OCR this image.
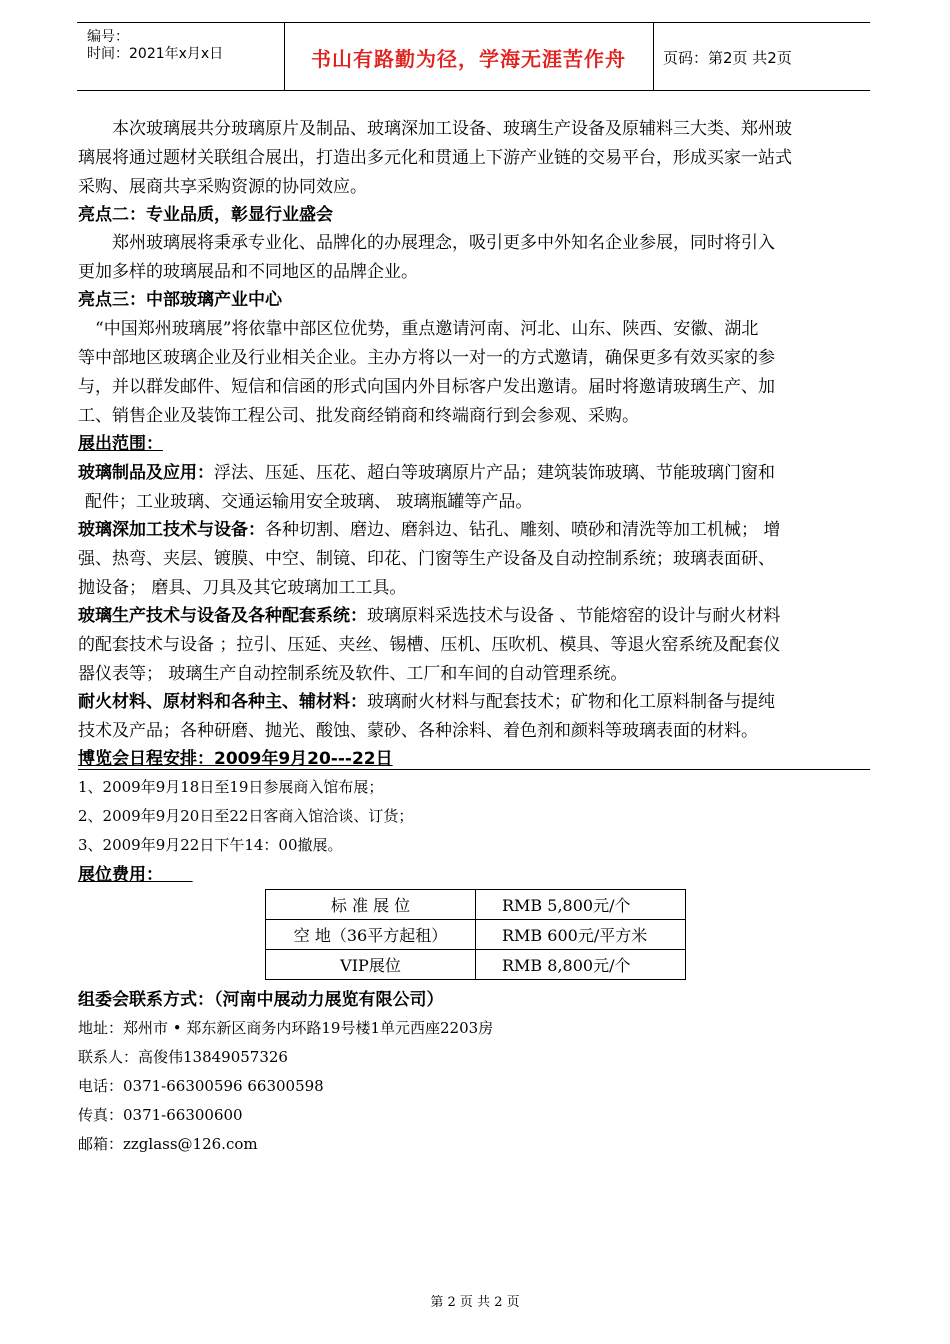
编号：
时间：2021年x月x日	书山有路勤为径，学海无涯苦作舟	页码：第2页 共2页
本次玻璃展共分玻璃原片及制品、玻璃深加工设备、玻璃生产设备及原辅料三大类、郑州玻
璃展将通过题材关联组合展出，打造出多元化和贯通上下游产业链的交易平台，形成买家一站式
采购、展商共享采购资源的协同效应。
亮点二：专业品质，彰显行业盛会
郑州玻璃展将秉承专业化、品牌化的办展理念，吸引更多中外知名企业参展，同时将引入
更加多样的玻璃展品和不同地区的品牌企业。
亮点三：中部玻璃产业中心
“中国郑州玻璃展”将依靠中部区位优势，重点邀请河南、河北、山东、陕西、安徽、湖北
等中部地区玻璃企业及行业相关企业。主办方将以一对一的方式邀请，确保更多有效买家的参
与，并以群发邮件、短信和信函的形式向国内外目标客户发出邀请。届时将邀请玻璃生产、加
工、销售企业及装饰工程公司、批发商经销商和终端商行到会参观、采购。
展出范围：
玻璃制品及应用：浮法、压延、压花、超白等玻璃原片产品；建筑装饰玻璃、节能玻璃门窗和
配件；工业玻璃、交通运输用安全玻璃、 玻璃瓶罐等产品。
玻璃深加工技术与设备：各种切割、磨边、磨斜边、钻孔、雕刻、喷砂和清洗等加工机械； 增
强、热弯、夹层、镀膜、中空、制镜、印花、门窗等生产设备及自动控制系统；玻璃表面研、
抛设备； 磨具、刀具及其它玻璃加工工具。
玻璃生产技术与设备及各种配套系统：玻璃原料采选技术与设备 、节能熔窑的设计与耐火材料
的配套技术与设备 ；拉引、压延、夹丝、锡槽、压机、压吹机、模具、等退火窑系统及配套仪
器仪表等； 玻璃生产自动控制系统及软件、工厂和车间的自动管理系统。
耐火材料、原材料和各种主、辅材料：玻璃耐火材料与配套技术；矿物和化工原料制备与提纯
技术及产品；各种研磨、抛光、酸蚀、蒙砂、各种涂料、着色剂和颜料等玻璃表面的材料。
博览会日程安排：2009年9月20---22日
1、2009年9月18日至19日参展商入馆布展；
2、2009年9月20日至22日客商入馆洽谈、订货；
3、2009年9月22日下午14：00撤展。
展位费用：
标 准 展 位	RMB 5,800元/个
空 地（36平方起租）	RMB 600元/平方米
VIP展位	RMB 8,800元/个
组委会联系方式：（河南中展动力展览有限公司）
地址：郑州市 • 郑东新区商务内环路19号楼1单元西座2203房
联系人：高俊伟13849057326
电话：0371-66300596 66300598
传真：0371-66300600
邮箱：zzglass@126.com
第 2 页 共 2 页
